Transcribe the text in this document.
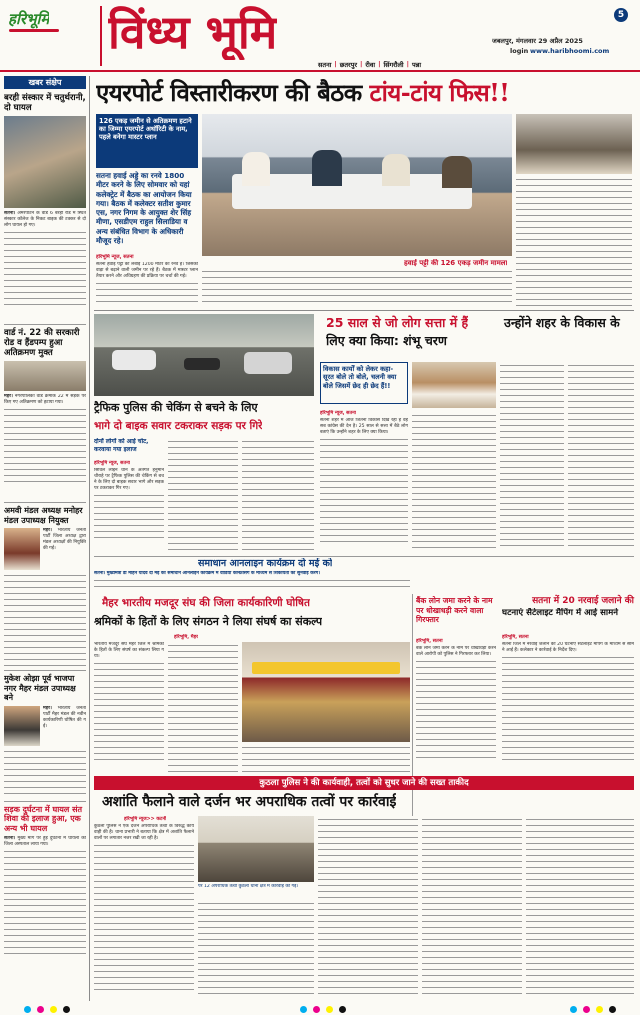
हरिभूमि विंध्य भूमि	5
सतना | छतरपुर | रीवा | सिंगरौली | पन्ना
जबलपुर, मंगलवार 29 अप्रैल 2025
login www.haribhoomi.com
खबर संक्षेप
बरही संस्कार में चतुर्थरानी, दो घायल
सतना। अमरपाटन के वार्ड 6 बरही रोड में स्थित संस्कार कॉलेज के निकट बाइक की टक्कर से दो लोग घायल हो गए।
वार्ड नं. 22 की सरकारी रोड व हैंडपम्प हुआ अतिक्रमण मुक्त
मैहर। नगरपालिका वार्ड क्रमांक 22 में सड़क पर किए गए अतिक्रमण को हटाया गया।
अमवी मंडल अध्यक्ष मनोहर मंडल उपाध्यक्ष नियुक्त
मैहर। भारतीय जनता पार्टी जिला अध्यक्ष द्वारा मंडल अध्यक्षों की नियुक्ति की गई।
मुकेश ओझा पूर्व भाजपा नगर मैहर मंडल उपाध्यक्ष बने
मैहर। भारतीय जनता पार्टी मैहर मंडल की नवीन कार्यकारिणी घोषित की गई।
सड़क दुर्घटना में घायल संत शिवा की इलाज हुआ, एक अन्य भी घायल
सतना। मुख्य मार्ग पर हुई दुर्घटना में घायलों को जिला अस्पताल लाया गया।
एयरपोर्ट विस्तारीकरण की बैठक टांय-टांय फिस!!
126 एकड़ जमीन से अतिक्रमण हटाने का जिम्मा एयरपोर्ट अथॉरिटी के नाम, पहले बनेगा मास्टर प्लान
सतना हवाई अड्डे का रनवे 1800 मीटर करने के लिए सोमवार को यहां कलेक्ट्रेट में बैठक का आयोजन किया गया। बैठक में कलेक्टर सतीश कुमार एस, नगर निगम के आयुक्त शेर सिंह मीणा, एसडीएम राहुल सिलाडिया व अन्य संबंधित विभाग के अधिकारी मौजूद रहे।
हरिभूमि न्यूज, सतना
सतना हवाई पट्टी की लंबाई 1200 मीटर का रनवे है। जिसको वाड़ा से बढ़ाने वाली जमीन पर रहे हैं। बैठक में मास्टर प्लान तैयार करने और अधिग्रहण की प्रक्रिया पर चर्चा की गई।
हवाई पट्टी की 126 एकड़ जमीन मामला
ट्रैफिक पुलिस की चेकिंग से बचने के लिए
भागे दो बाइक सवार टकराकर सड़क पर गिरे
दोनों लोगों को आई चोट, करवाया गया इलाज
हरिभूमि न्यूज, सतना
सिविल लाइन थाने के अंतर्गत हनुमान चौराहे पर ट्रैफिक पुलिस की चेकिंग से बचने के लिए दो बाइक सवार भागे और सड़क पर टकराकर गिर गए।
25 साल से जो लोग सत्ता में हैं	उन्होंने शहर के विकास के लिए क्या किया: शंभू चरण
विकास कार्यों को लेकर कहा- सूरत बोले तो बोले, चलनी क्या बोले जिसमें छेद ही छेद हैं!!
हरिभूमि न्यूज, सतना
सतना शहर में आज जितना विकास दिख रहा है वह सब कांग्रेस की देन है। 25 साल से सत्ता में बैठे लोग बताएं कि उन्होंने शहर के लिए क्या किया।
समाधान आनलाइन कार्यक्रम दो मई को
सतना। मुख्यमंत्री डॉ मोहन यादव दो मई को समाधान ऑनलाइन कार्यक्रम में वीडियो कॉन्फ्रेंसिंग के माध्यम से शिकायतों की सुनवाई करेंगे।
मैहर भारतीय मजदूर संघ की जिला कार्यकारिणी घोषित
श्रमिकों के हितों के लिए संगठन ने लिया संघर्ष का संकल्प
हरिभूमि, मैहर
भारतीय मजदूर संघ मैहर जिले में श्रमिकों के हितों के लिए संघर्ष का संकल्प लिया गया।
बैंक लोन जमा करने के नाम पर धोखाधड़ी करने वाला गिरफ्तार
हरिभूमि, सतना
बैंक लोन जमा करने के नाम पर धोखाधड़ी करने वाले आरोपी को पुलिस ने गिरफ्तार कर लिया।
सतना में 20 नरवाई जलाने की
घटनाएं सैटेलाइट मैपिंग में आई सामने
हरिभूमि, सतना
सतना जिले में नरवाई जलाने की 20 घटनाएं सैटेलाइट मैपिंग के माध्यम से सामने आई हैं। कलेक्टर ने कार्रवाई के निर्देश दिए।
कुठला पुलिस ने की कार्यवाही, तत्वों को सुधर जाने की सख्त ताकीद
अशांति फैलाने वाले दर्जन भर अपराधिक तत्वों पर कार्रवाई
हरिभूमि न्यूज>> कटनी
कुठला पुलिस ने एक दर्जन अपराधिक तत्वों के विरुद्ध कार्यवाही की है। थाना प्रभारी ने बताया कि क्षेत्र में अशांति फैलाने वालों पर लगातार नजर रखी जा रही है।
पर 12 अपराधिक तत्वों कुठला थाना क्षेत्र में कार्रवाई की गई।
